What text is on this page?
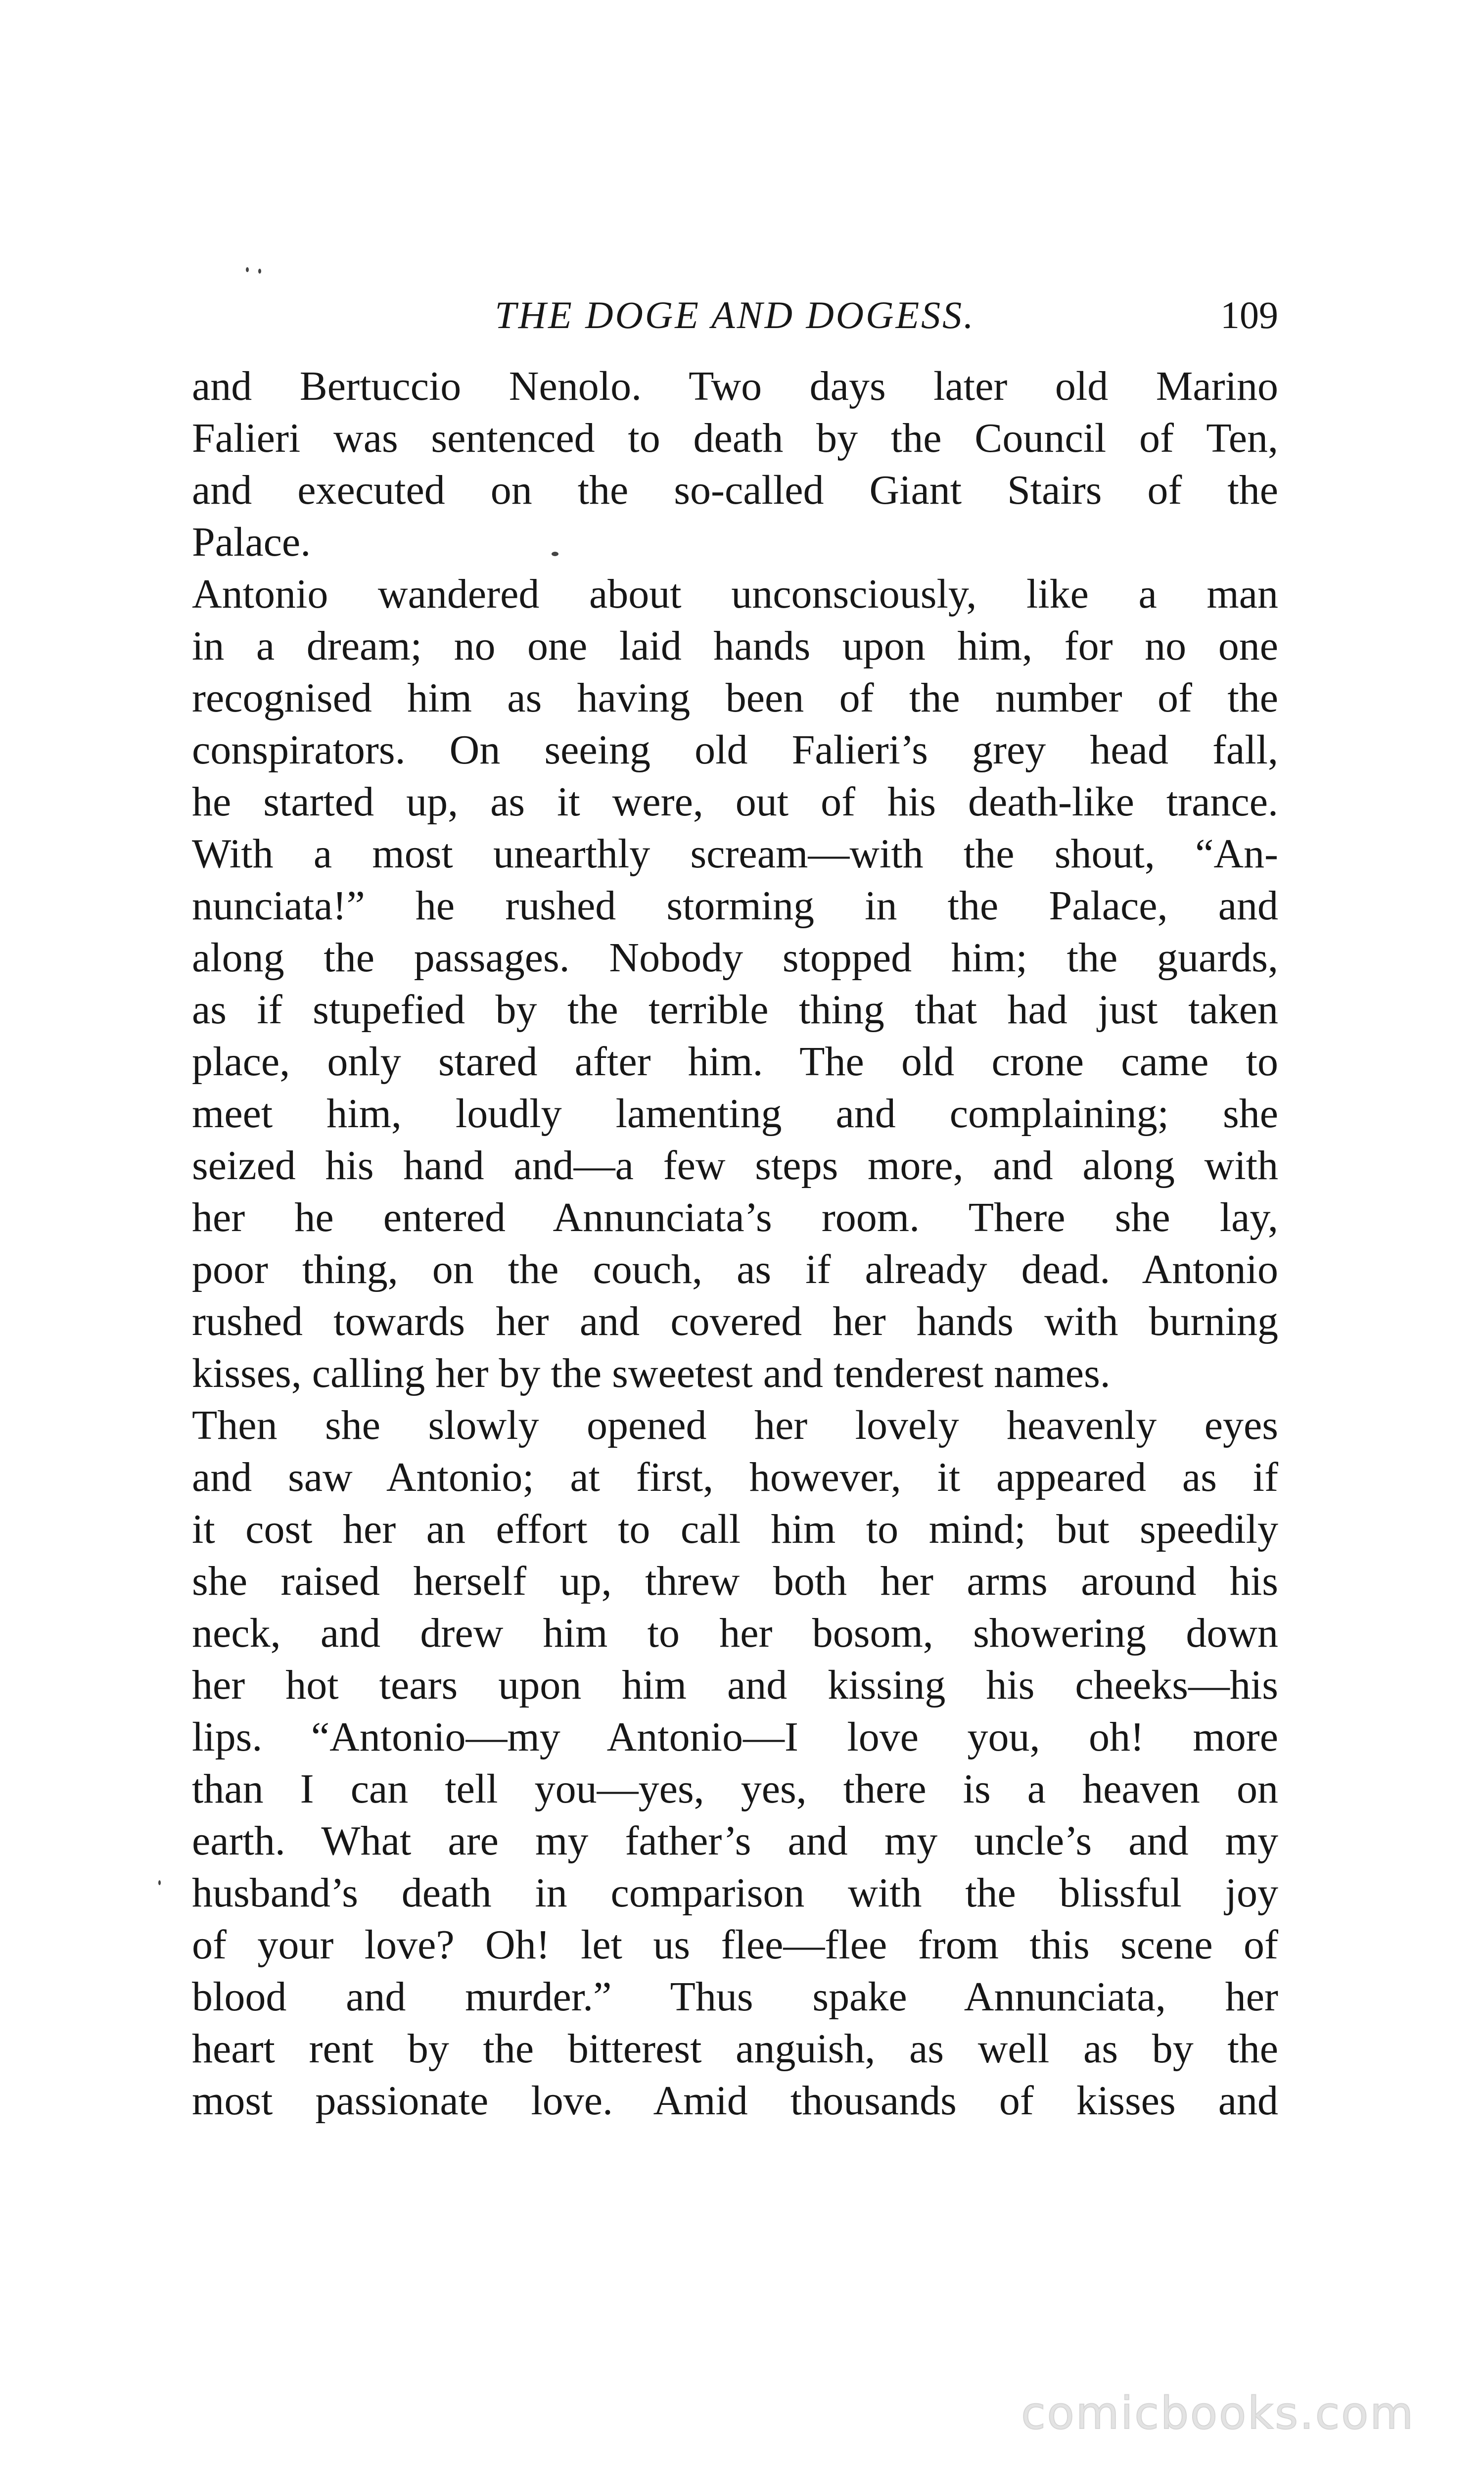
THE DOGE AND DOGESS.	109
and Bertuccio Nenolo. Two days later old Marino
Falieri was sentenced to death by the Council of Ten,
and executed on the so-called Giant Stairs of the
Palace.
Antonio wandered about unconsciously, like a man
in a dream; no one laid hands upon him, for no one
recognised him as having been of the number of the
conspirators. On seeing old Falieri’s grey head fall,
he started up, as it were, out of his death-like trance.
With a most unearthly scream—with the shout, “An-
nunciata!” he rushed storming in the Palace, and
along the passages. Nobody stopped him; the guards,
as if stupefied by the terrible thing that had just taken
place, only stared after him. The old crone came to
meet him, loudly lamenting and complaining; she
seized his hand and—a few steps more, and along with
her he entered Annunciata’s room. There she lay,
poor thing, on the couch, as if already dead. Antonio
rushed towards her and covered her hands with burning
kisses, calling her by the sweetest and tenderest names.
Then she slowly opened her lovely heavenly eyes
and saw Antonio; at first, however, it appeared as if
it cost her an effort to call him to mind; but speedily
she raised herself up, threw both her arms around his
neck, and drew him to her bosom, showering down
her hot tears upon him and kissing his cheeks—his
lips. “Antonio—my Antonio—I love you, oh! more
than I can tell you—yes, yes, there is a heaven on
earth. What are my father’s and my uncle’s and my
husband’s death in comparison with the blissful joy
of your love? Oh! let us flee—flee from this scene of
blood and murder.” Thus spake Annunciata, her
heart rent by the bitterest anguish, as well as by the
most passionate love. Amid thousands of kisses and
comicbooks.com
